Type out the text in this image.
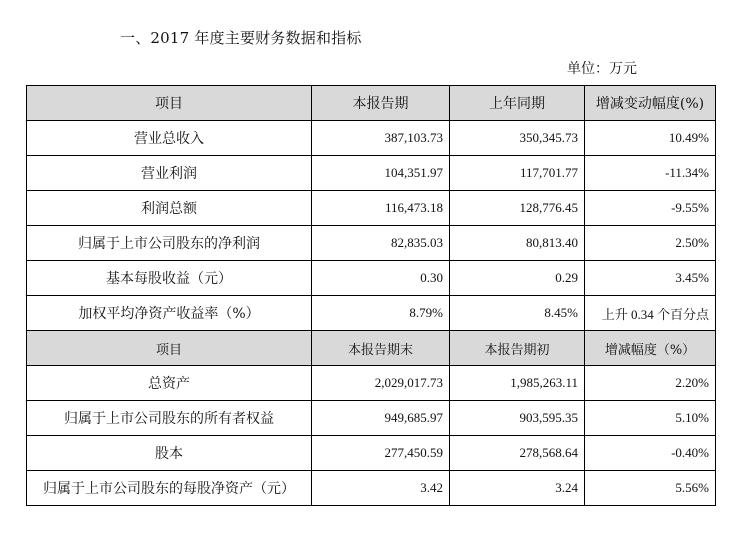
一、2017 年度主要财务数据和指标
单位：万元
项目	本报告期	上年同期	增减变动幅度(%)
营业总收入	387,103.73	350,345.73	10.49%
营业利润	104,351.97	117,701.77	-11.34%
利润总额	116,473.18	128,776.45	-9.55%
归属于上市公司股东的净利润	82,835.03	80,813.40	2.50%
基本每股收益（元）	0.30	0.29	3.45%
加权平均净资产收益率（%）	8.79%	8.45%	上升 0.34 个百分点
项目	本报告期末	本报告期初	增减幅度（%）
总资产	2,029,017.73	1,985,263.11	2.20%
归属于上市公司股东的所有者权益	949,685.97	903,595.35	5.10%
股本	277,450.59	278,568.64	-0.40%
归属于上市公司股东的每股净资产（元）	3.42	3.24	5.56%
